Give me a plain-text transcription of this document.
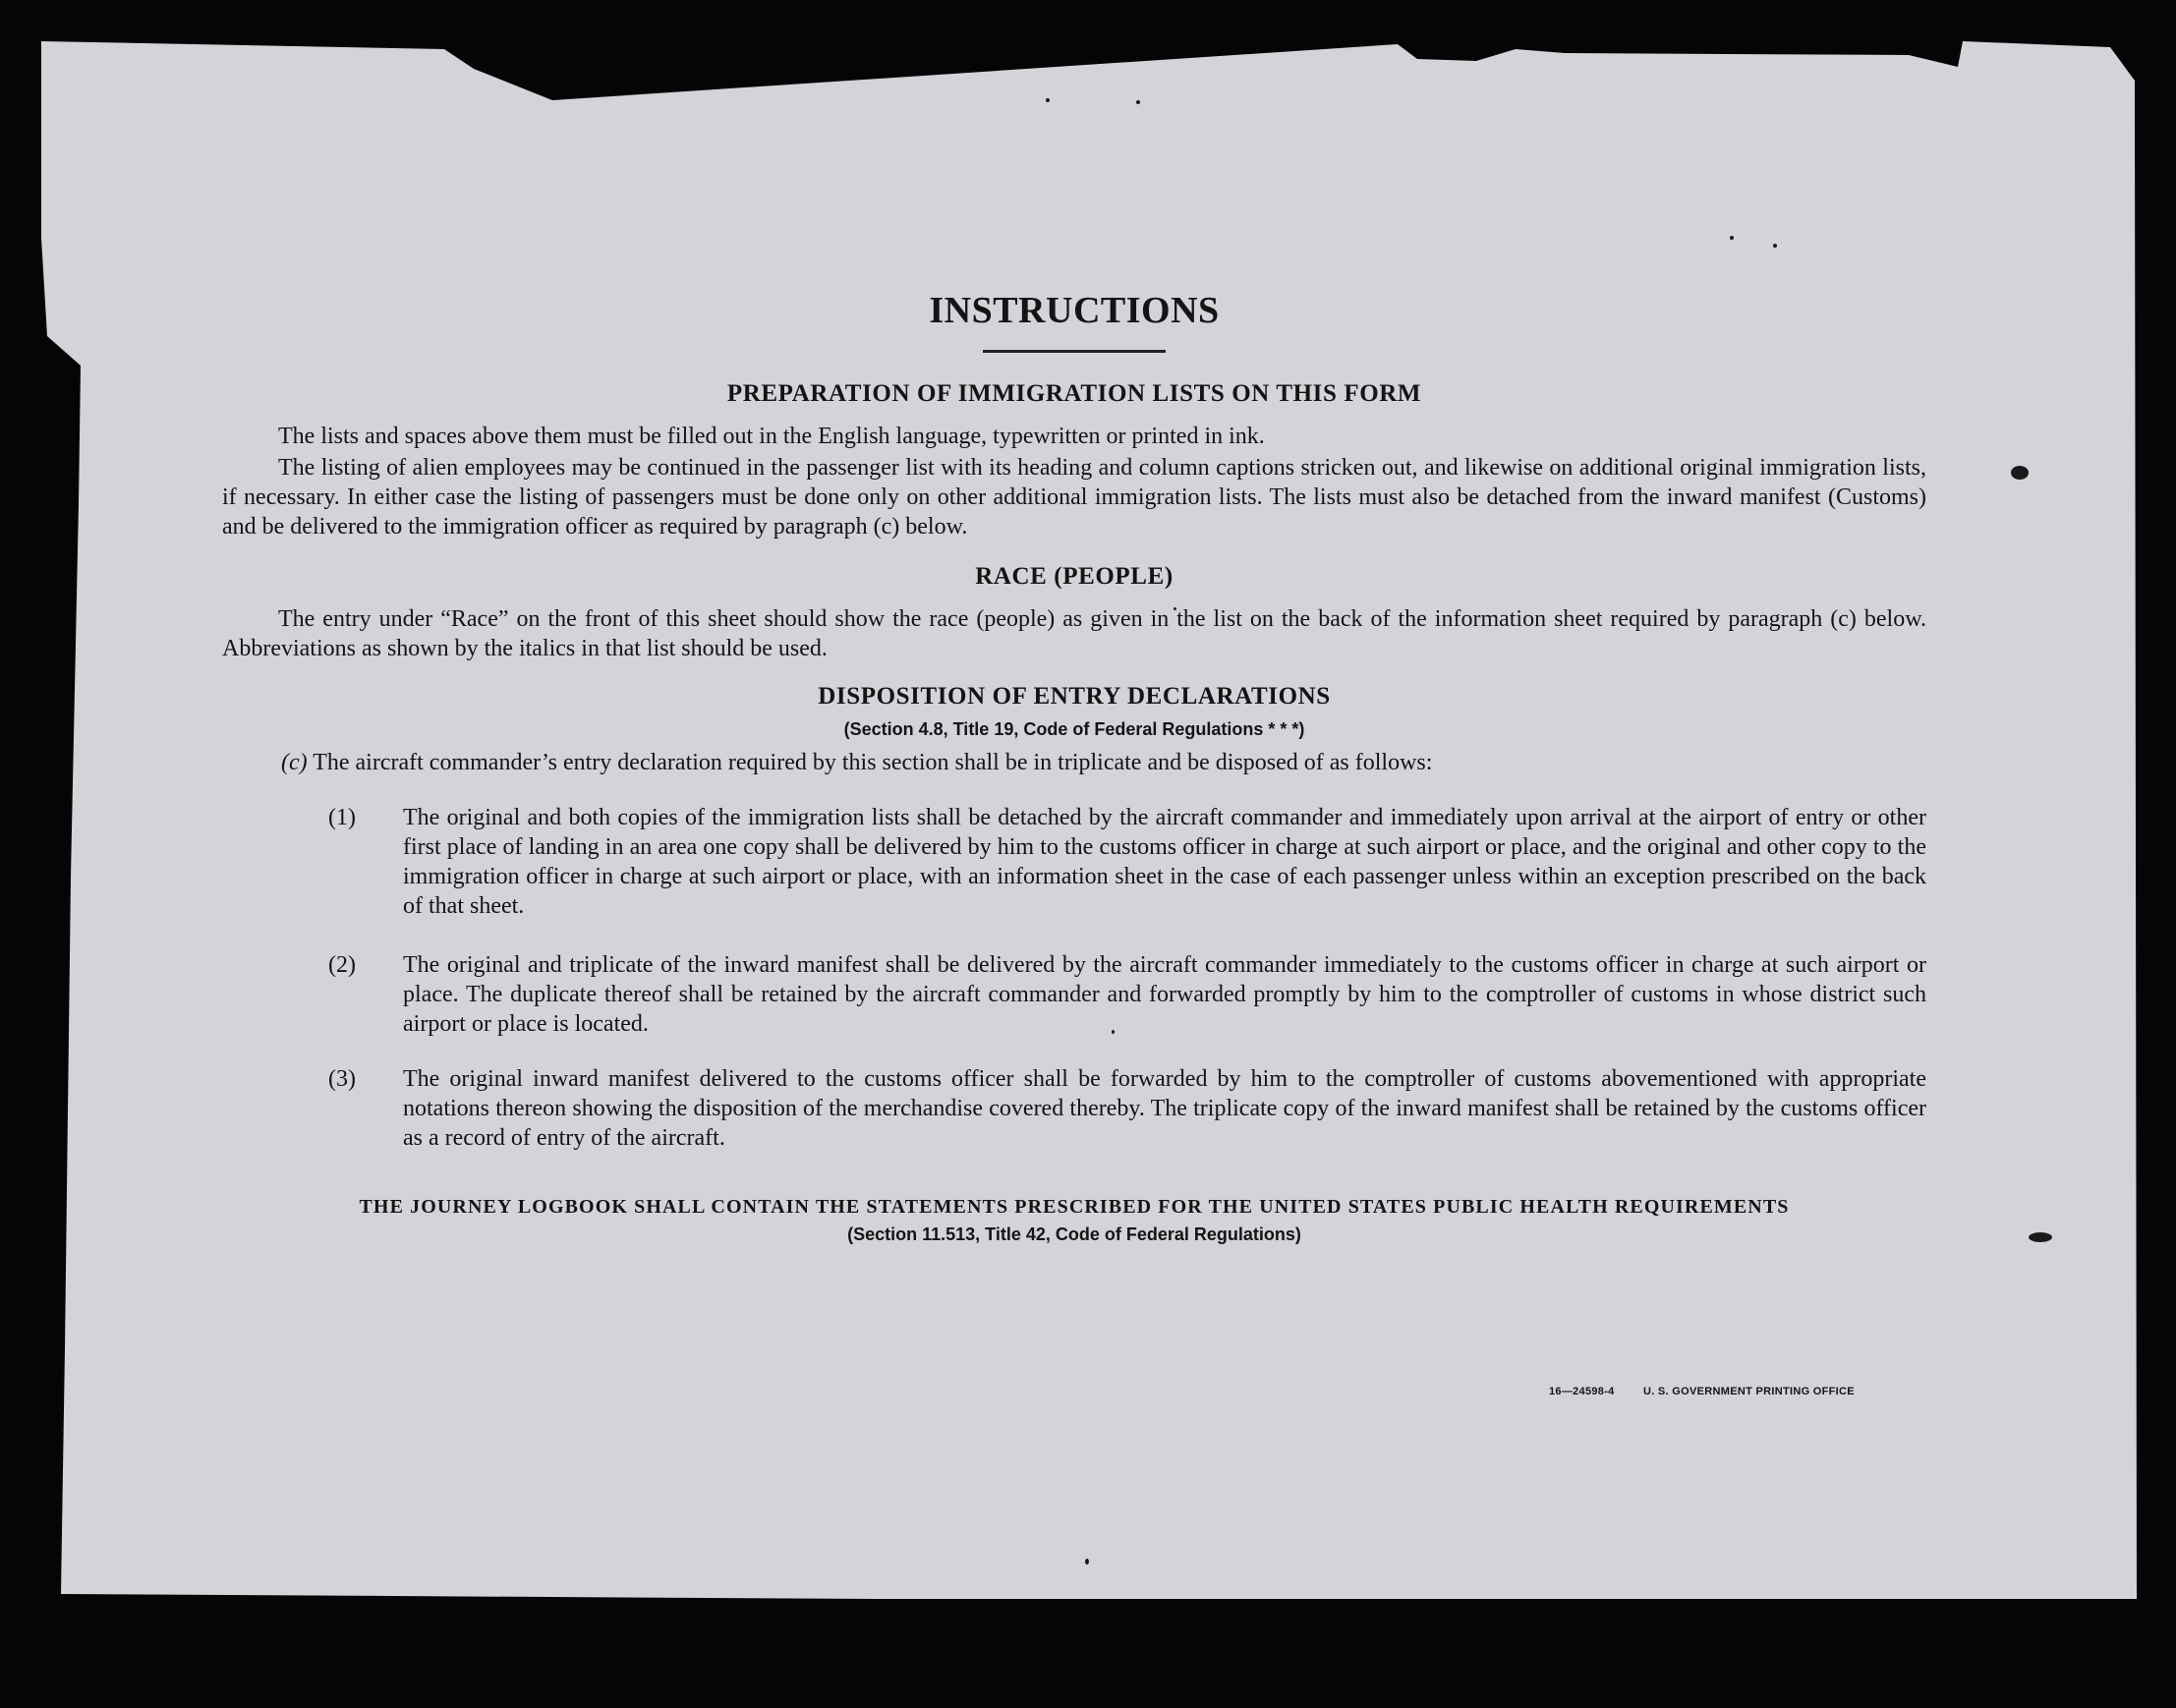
INSTRUCTIONS
PREPARATION OF IMMIGRATION LISTS ON THIS FORM

The lists and spaces above them must be filled out in the English language, typewritten or printed in ink.

The listing of alien employees may be continued in the passenger list with its heading and column captions stricken out, and likewise on additional original immigration lists, if necessary. In either case the listing of passengers must be done only on other additional immigration lists. The lists must also be detached from the inward manifest (Customs) and be delivered to the immigration officer as required by paragraph (c) below.

RACE (PEOPLE)

The entry under “Race” on the front of this sheet should show the race (people) as given in the list on the back of the information sheet required by paragraph (c) below. Abbreviations as shown by the italics in that list should be used.

DISPOSITION OF ENTRY DECLARATIONS
(Section 4.8, Title 19, Code of Federal Regulations * * *)

(c) The aircraft commander’s entry declaration required by this section shall be in triplicate and be disposed of as follows:

(1)	The original and both copies of the immigration lists shall be detached by the aircraft commander and immediately upon arrival at the airport of entry or other first place of landing in an area one copy shall be delivered by him to the customs officer in charge at such airport or place, and the original and other copy to the immigration officer in charge at such airport or place, with an information sheet in the case of each passenger unless within an exception prescribed on the back of that sheet.
(2)	The original and triplicate of the inward manifest shall be delivered by the aircraft commander immediately to the customs officer in charge at such airport or place. The duplicate thereof shall be retained by the aircraft commander and forwarded promptly by him to the comptroller of customs in whose district such airport or place is located.
(3)	The original inward manifest delivered to the customs officer shall be forwarded by him to the comptroller of customs abovementioned with appropriate notations thereon showing the disposition of the merchandise covered thereby. The triplicate copy of the inward manifest shall be retained by the customs officer as a record of entry of the aircraft.
THE JOURNEY LOGBOOK SHALL CONTAIN THE STATEMENTS PRESCRIBED FOR THE UNITED STATES PUBLIC HEALTH REQUIREMENTS
(Section 11.513, Title 42, Code of Federal Regulations)
16—24598-4	U. S. GOVERNMENT PRINTING OFFICE
